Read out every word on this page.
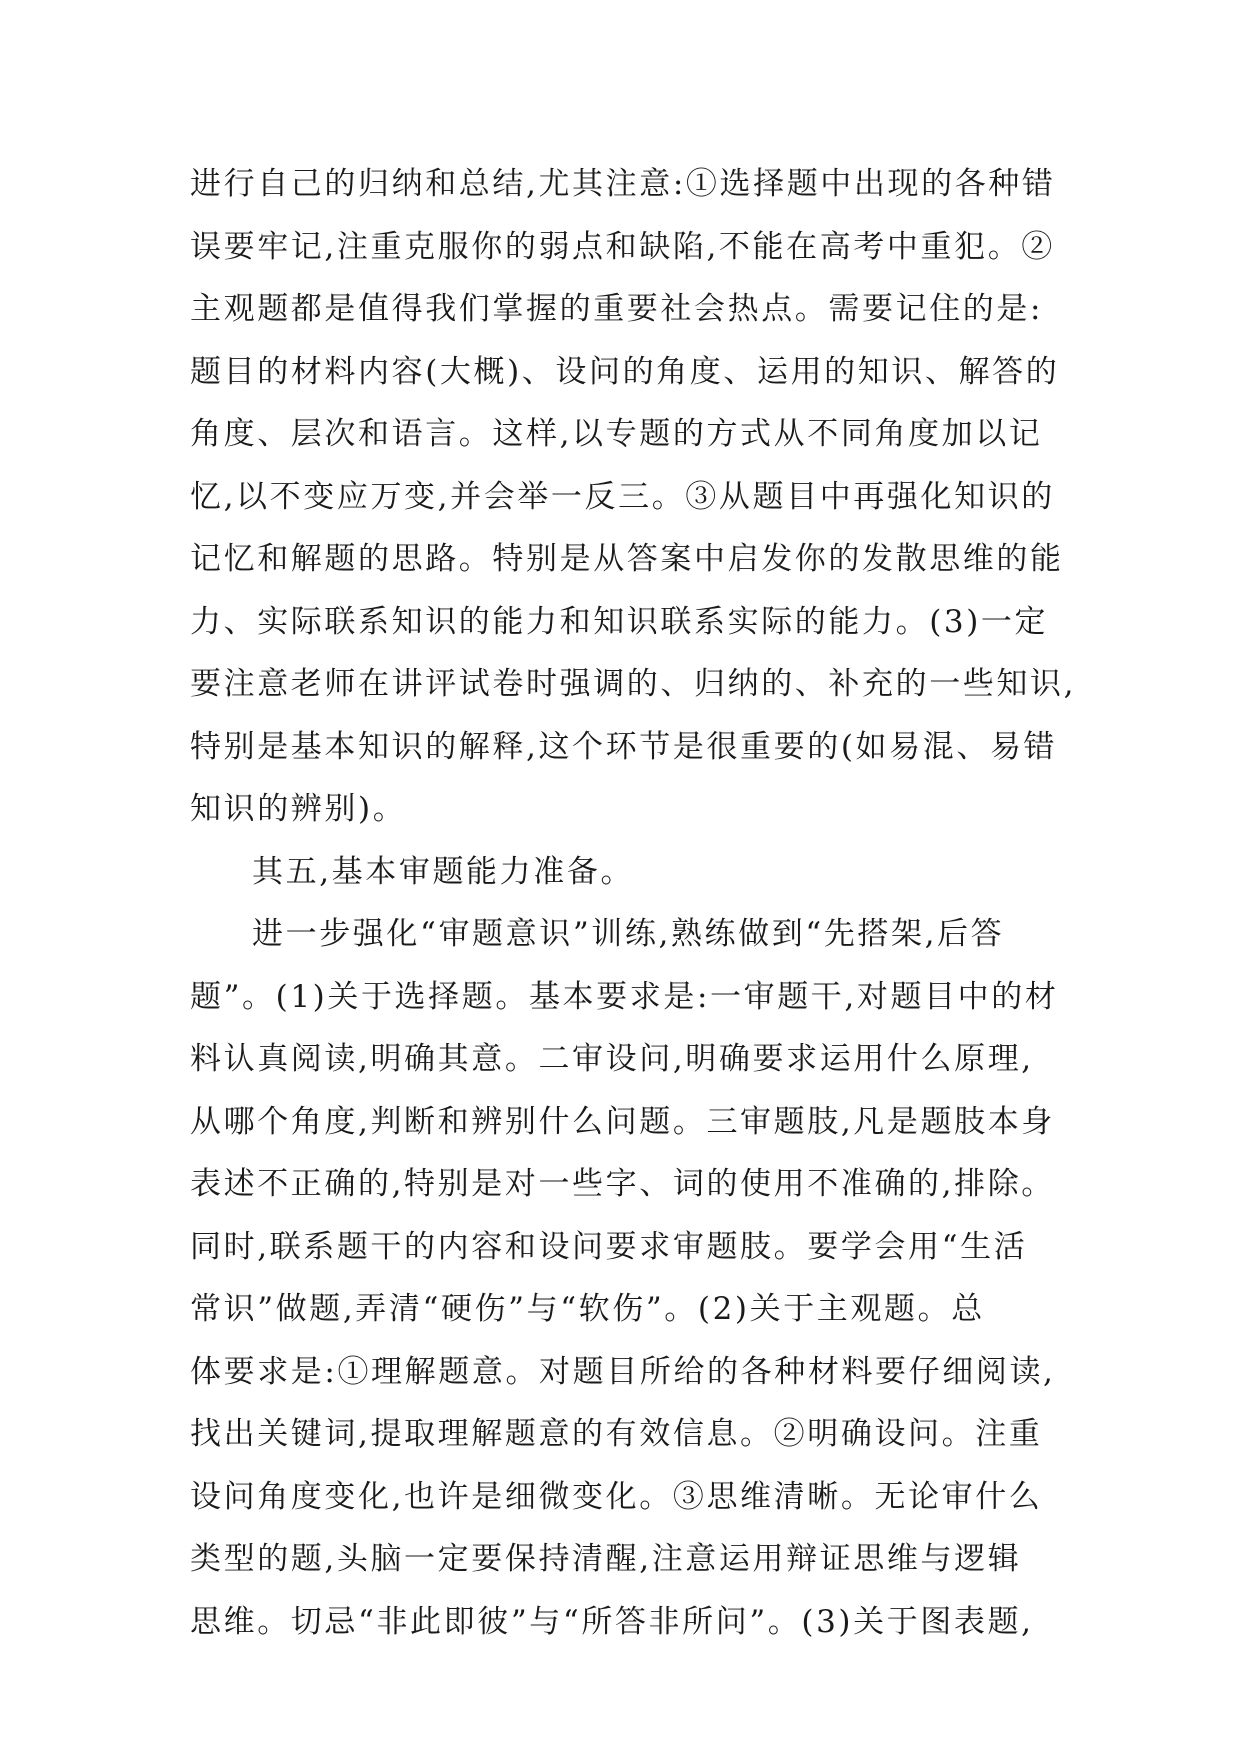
进行自己的归纳和总结,尤其注意:①选择题中出现的各种错
误要牢记,注重克服你的弱点和缺陷,不能在高考中重犯。②
主观题都是值得我们掌握的重要社会热点。需要记住的是:
题目的材料内容(大概)、设问的角度、运用的知识、解答的
角度、层次和语言。这样,以专题的方式从不同角度加以记
忆,以不变应万变,并会举一反三。③从题目中再强化知识的
记忆和解题的思路。特别是从答案中启发你的发散思维的能
力、实际联系知识的能力和知识联系实际的能力。(3)一定
要注意老师在讲评试卷时强调的、归纳的、补充的一些知识,
特别是基本知识的解释,这个环节是很重要的(如易混、易错
知识的辨别)。
其五,基本审题能力准备。
进一步强化“审题意识”训练,熟练做到“先搭架,后答
题”。(1)关于选择题。基本要求是:一审题干,对题目中的材
料认真阅读,明确其意。二审设问,明确要求运用什么原理,
从哪个角度,判断和辨别什么问题。三审题肢,凡是题肢本身
表述不正确的,特别是对一些字、词的使用不准确的,排除。
同时,联系题干的内容和设问要求审题肢。要学会用“生活
常识”做题,弄清“硬伤”与“软伤”。(2)关于主观题。总
体要求是:①理解题意。对题目所给的各种材料要仔细阅读,
找出关键词,提取理解题意的有效信息。②明确设问。注重
设问角度变化,也许是细微变化。③思维清晰。无论审什么
类型的题,头脑一定要保持清醒,注意运用辩证思维与逻辑
思维。切忌“非此即彼”与“所答非所问”。(3)关于图表题,
